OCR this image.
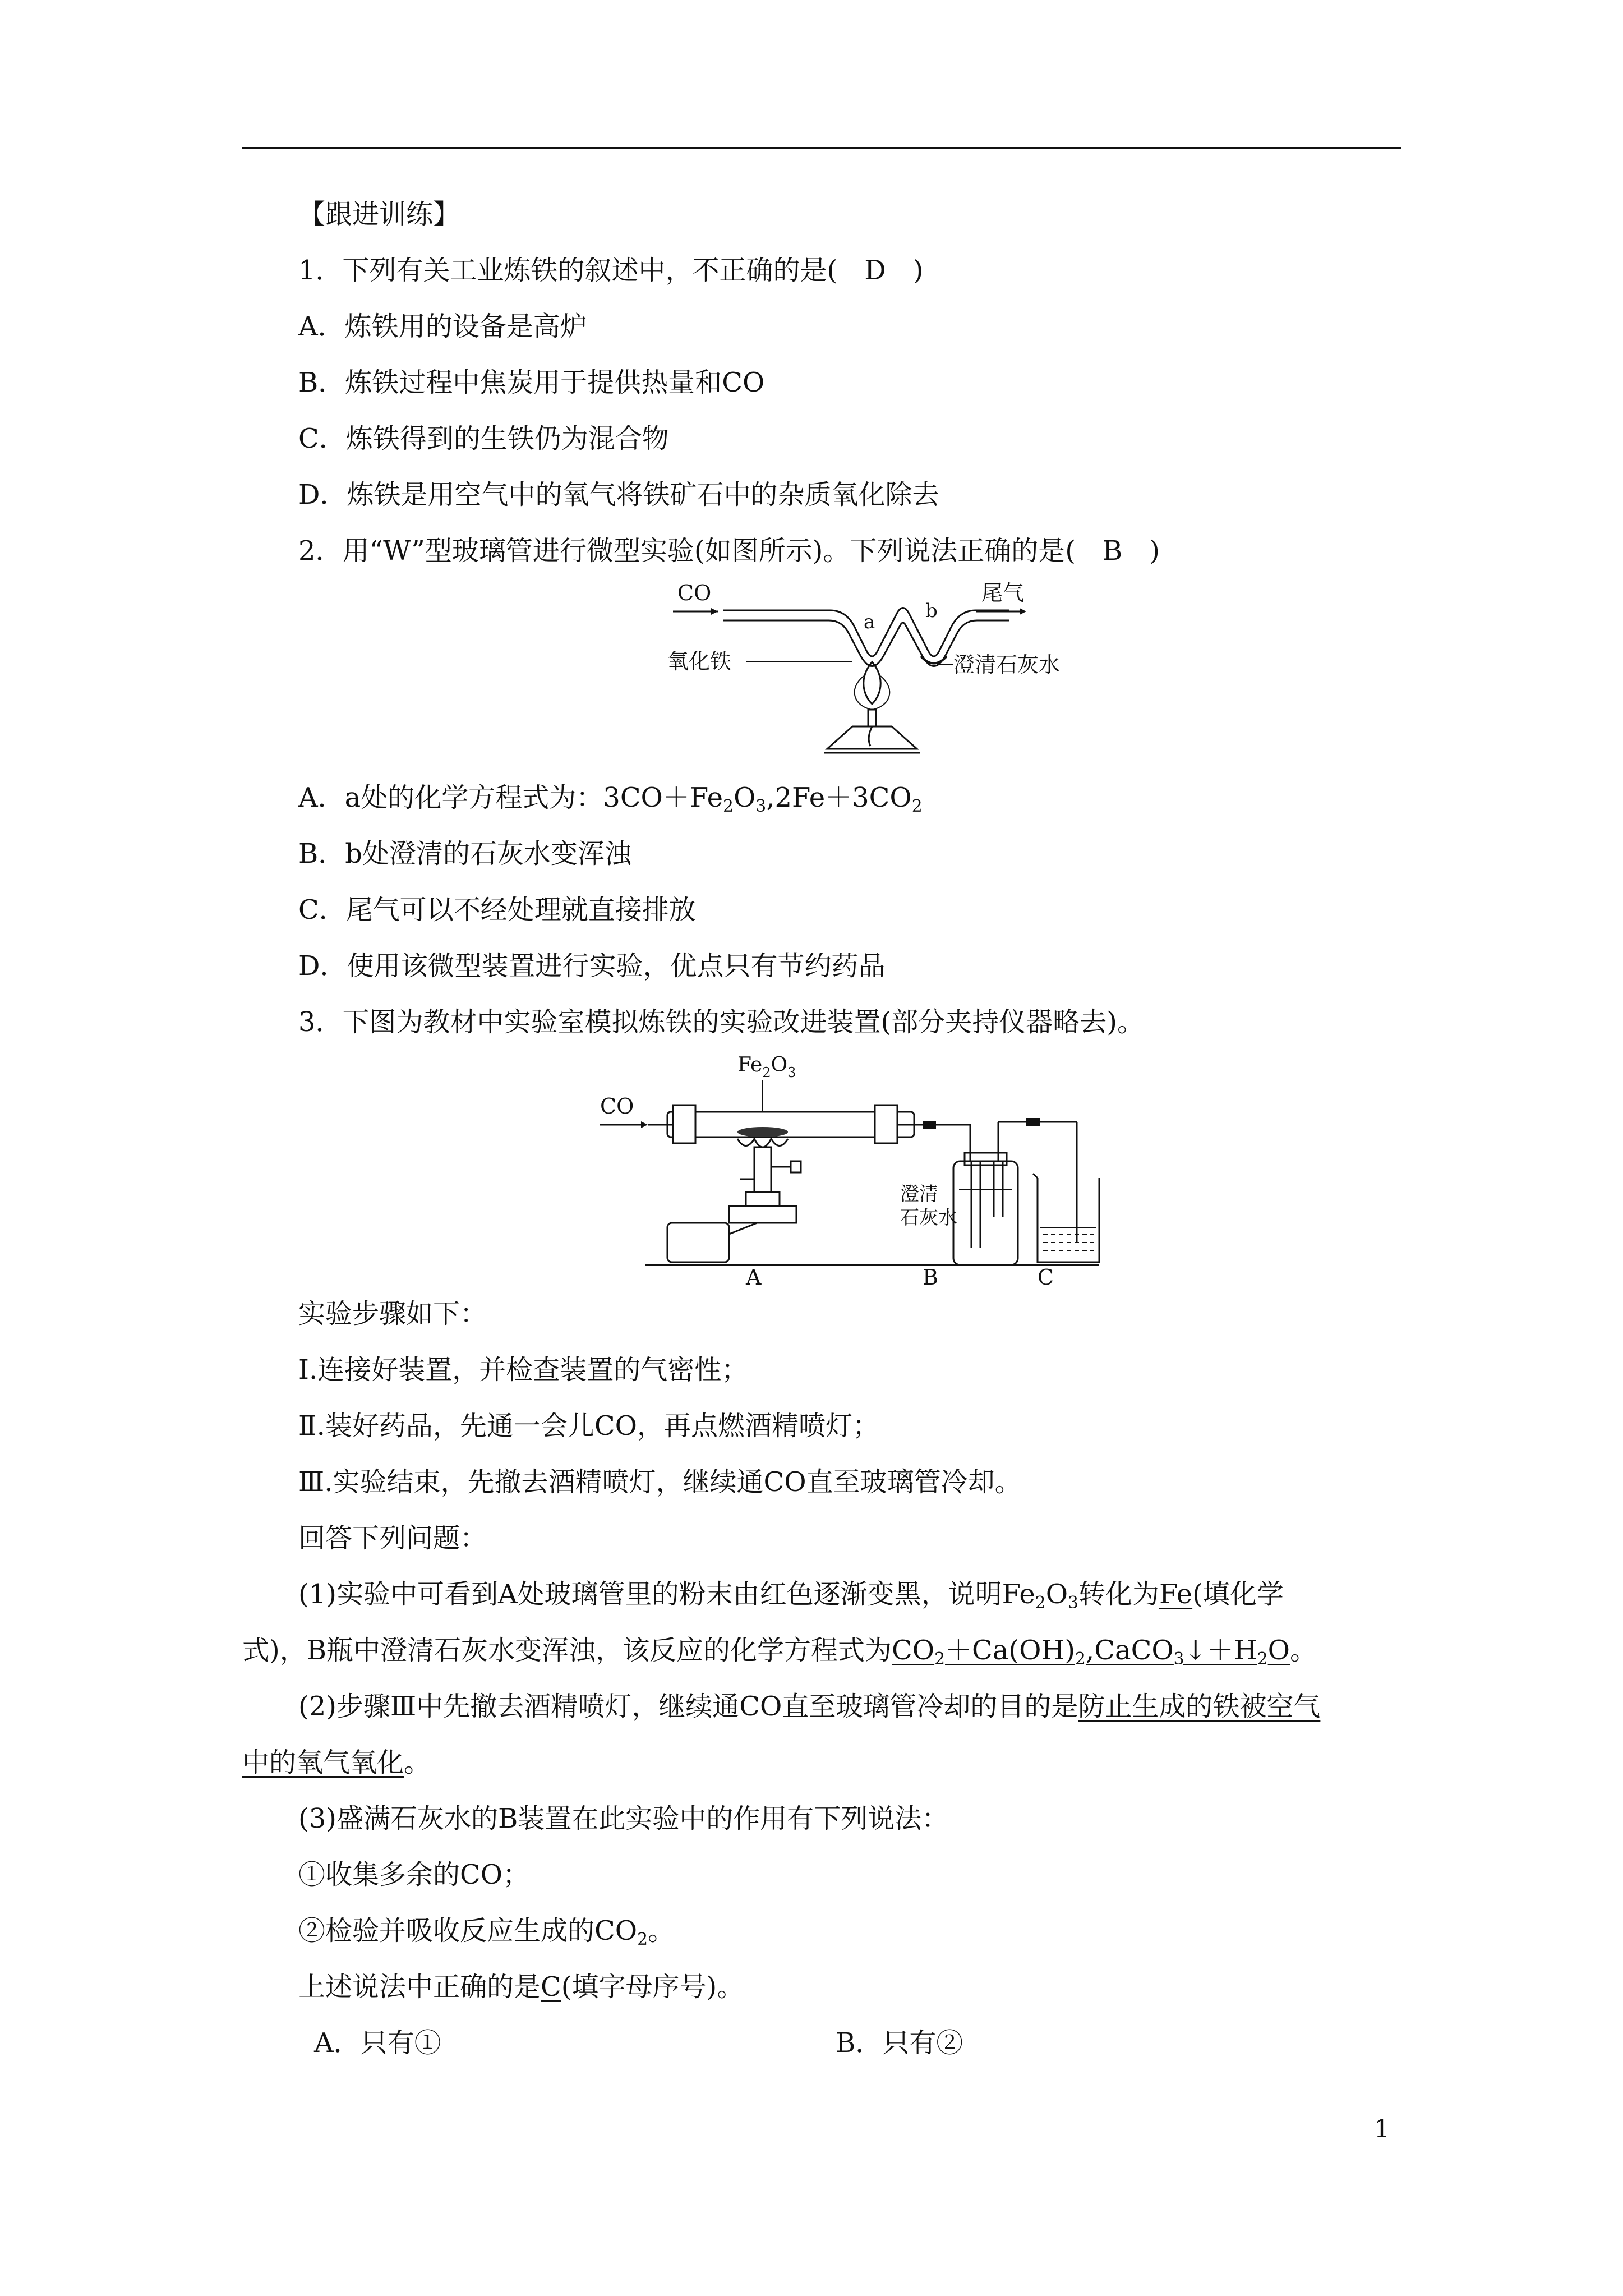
【跟进训练】
1．下列有关工业炼铁的叙述中，不正确的是(　D　)
A．炼铁用的设备是高炉
B．炼铁过程中焦炭用于提供热量和CO
C．炼铁得到的生铁仍为混合物
D．炼铁是用空气中的氧气将铁矿石中的杂质氧化除去
2．用“W”型玻璃管进行微型实验(如图所示)。下列说法正确的是(　B　)
CO
a	b
尾气
氧化铁	澄清石灰水
A．a处的化学方程式为：$3CO+Fe_2O_3,2Fe+3CO_2$
B．b处澄清的石灰水变浑浊
C．尾气可以不经处理就直接排放
D．使用该微型装置进行实验，优点只有节约药品
3．下图为教材中实验室模拟炼铁的实验改进装置(部分夹持仪器略去)。
$Fe_2O_3$
CO
澄清
石灰水
A	B	C
实验步骤如下：
Ⅰ.连接好装置，并检查装置的气密性；
Ⅱ.装好药品，先通一会儿CO，再点燃酒精喷灯；
Ⅲ.实验结束，先撤去酒精喷灯，继续通CO直至玻璃管冷却。
回答下列问题：
(1)实验中可看到A处玻璃管里的粉末由红色逐渐变黑，说明$Fe_2O_3$转化为Fe(填化学
式)，B瓶中澄清石灰水变浑浊，该反应的化学方程式为$CO_2+Ca(OH)_2,CaCO_3↓+H_2O$。
(2)步骤Ⅲ中先撤去酒精喷灯，继续通CO直至玻璃管冷却的目的是防止生成的铁被空气
中的氧气氧化。
(3)盛满石灰水的B装置在此实验中的作用有下列说法：
①收集多余的CO；
②检验并吸收反应生成的$CO_2$。
上述说法中正确的是C(填字母序号)。
A．只有①	B．只有②
1
